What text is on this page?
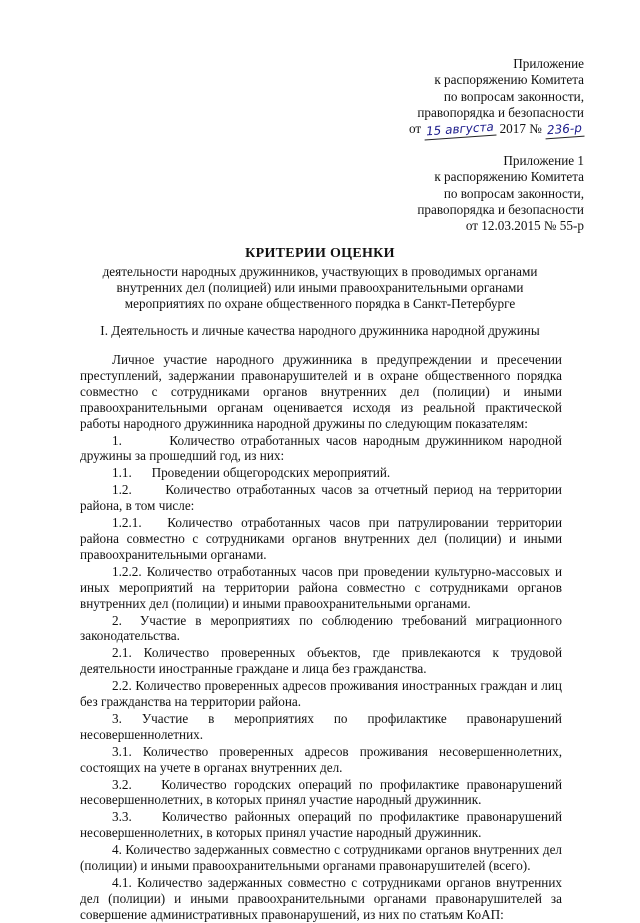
Приложение
к распоряжению Комитета
по вопросам законности,
правопорядка и безопасности
от 15 августа 2017 № 236-р
Приложение 1
к распоряжению Комитета
по вопросам законности,
правопорядка и безопасности
от 12.03.2015 № 55-р
КРИТЕРИИ ОЦЕНКИ
деятельности народных дружинников, участвующих в проводимых органами внутренних дел (полицией) или иными правоохранительными органами мероприятиях по охране общественного порядка в Санкт-Петербурге
I. Деятельность и личные качества народного дружинника народной дружины

Личное участие народного дружинника в предупреждении и пресечении преступлений, задержании правонарушителей и в охране общественного порядка совместно с сотрудниками органов внутренних дел (полиции) и иными правоохранительными органам оценивается исходя из реальной практической работы народного дружинника народной дружины по следующим показателям:

1.        Количество отработанных часов народным дружинником народной дружины за прошедший год, из них:

1.1.      Проведении общегородских мероприятий.

1.2.      Количество отработанных часов за отчетный период на территории района, в том числе:

1.2.1.   Количество отработанных часов при патрулировании территории района совместно с сотрудниками органов внутренних дел (полиции) и иными правоохранительными органами.

1.2.2. Количество отработанных часов при проведении культурно-массовых и иных мероприятий на территории района совместно с сотрудниками органов внутренних дел (полиции) и иными правоохранительными органами.

2.  Участие в мероприятиях по соблюдению требований миграционного законодательства.

2.1. Количество проверенных объектов, где привлекаются к трудовой деятельности иностранные граждане и лица без гражданства.

2.2. Количество проверенных адресов проживания иностранных граждан и лиц без гражданства на территории района.

3. Участие в мероприятиях по профилактике правонарушений несовершеннолетних.

3.1. Количество проверенных адресов проживания несовершеннолетних, состоящих на учете в органах внутренних дел.

3.2.    Количество городских операций по профилактике правонарушений несовершеннолетних, в которых принял участие народный дружинник.

3.3.    Количество районных операций по профилактике правонарушений несовершеннолетних, в которых принял участие народный дружинник.

4. Количество задержанных совместно с сотрудниками органов внутренних дел (полиции) и иными правоохранительными органами правонарушителей (всего).

4.1. Количество задержанных совместно с сотрудниками органов внутренних дел (полиции) и иными правоохранительными органами правонарушителей за совершение административных правонарушений, из них по статьям КоАП:
